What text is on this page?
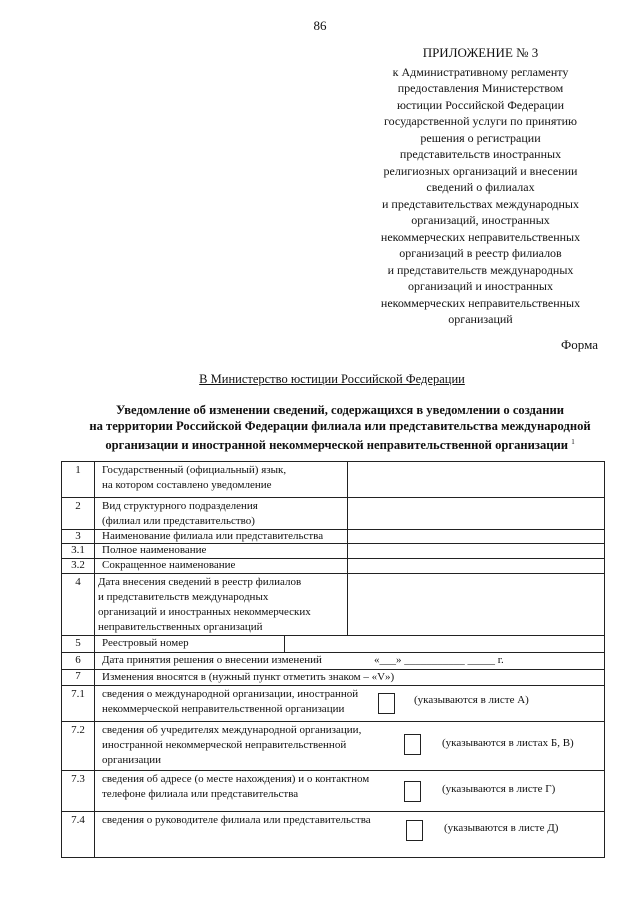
86
ПРИЛОЖЕНИЕ № 3
к Административному регламенту
предоставления Министерством
юстиции Российской Федерации
государственной услуги по принятию
решения о регистрации
представительств иностранных
религиозных организаций и внесении
сведений о филиалах
и представительствах международных
организаций, иностранных
некоммерческих неправительственных
организаций в реестр филиалов
и представительств международных
организаций и иностранных
некоммерческих неправительственных
организаций
Форма
В Министерство юстиции Российской Федерации
Уведомление об изменении сведений, содержащихся в уведомлении о создании
на территории Российской Федерации филиала или представительства международной
организации и иностранной некоммерческой неправительственной организации $^1$
1	Государственный (официальный) язык,
на котором составлено уведомление
2	Вид структурного подразделения
(филиал или представительство)
3	Наименование филиала или представительства
3.1	Полное наименование
3.2	Сокращенное наименование
4	Дата внесения сведений в реестр филиалов
и представительств международных
организаций и иностранных некоммерческих
неправительственных организаций
5	Реестровый номер
6	Дата принятия решения о внесении изменений	«___» ___________ _____ г.
7	Изменения вносятся в (нужный пункт отметить знаком – «V»)
7.1	сведения о международной организации, иностранной
некоммерческой неправительственной организации
(указываются в листе А)
7.2	сведения об учредителях международной организации,
иностранной некоммерческой неправительственной
организации
(указываются в листах Б, В)
7.3	сведения об адресе (о месте нахождения) и о контактном
телефоне филиала или представительства	(указываются в листе Г)
7.4	сведения о руководителе филиала или представительства
(указываются в листе Д)
